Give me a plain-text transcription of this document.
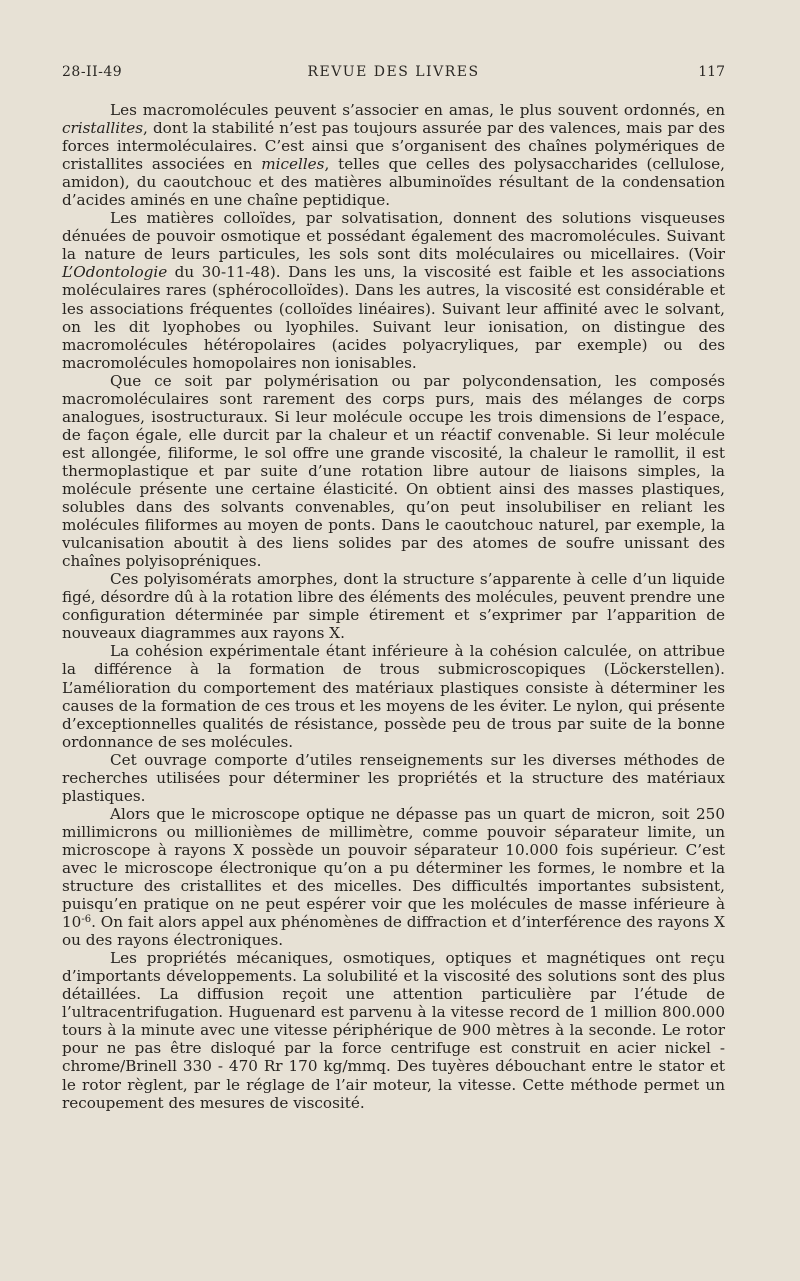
28-II-49	REVUE DES LIVRES	117

Les macromolécules peuvent s’associer en amas, le plus souvent ordonnés, en cristallites, dont la stabilité n’est pas toujours assurée par des valences, mais par des forces intermoléculaires. C’est ainsi que s’organisent des chaînes polymériques de cristallites associées en micelles, telles que celles des polysaccharides (cellulose, amidon), du caoutchouc et des matières albuminoïdes résultant de la condensation d’acides aminés en une chaîne peptidique.

Les matières colloïdes, par solvatisation, donnent des solutions visqueuses dénuées de pouvoir osmotique et possédant également des macromolécules. Suivant la nature de leurs particules, les sols sont dits moléculaires ou micellaires. (Voir L’Odontologie du 30-11-48). Dans les uns, la viscosité est faible et les associations moléculaires rares (sphérocolloïdes). Dans les autres, la viscosité est considérable et les associations fréquentes (colloïdes linéaires). Suivant leur affinité avec le solvant, on les dit lyophobes ou lyophiles. Suivant leur ionisation, on distingue des macromolécules hétéropolaires (acides polyacryliques, par exemple) ou des macromolécules homopolaires non ionisables.

Que ce soit par polymérisation ou par polycondensation, les composés macromoléculaires sont rarement des corps purs, mais des mélanges de corps analogues, isostructuraux. Si leur molécule occupe les trois dimensions de l’espace, de façon égale, elle durcit par la chaleur et un réactif convenable. Si leur molécule est allongée, filiforme, le sol offre une grande viscosité, la chaleur le ramollit, il est thermoplastique et par suite d’une rotation libre autour de liaisons simples, la molécule présente une certaine élasticité. On obtient ainsi des masses plastiques, solubles dans des solvants convenables, qu’on peut insolubiliser en reliant les molécules filiformes au moyen de ponts. Dans le caoutchouc naturel, par exemple, la vulcanisation aboutit à des liens solides par des atomes de soufre unissant des chaînes polyisopréniques.

Ces polyisomérats amorphes, dont la structure s’apparente à celle d’un liquide figé, désordre dû à la rotation libre des éléments des molécules, peuvent prendre une configuration déterminée par simple étirement et s’exprimer par l’apparition de nouveaux diagrammes aux rayons X.

La cohésion expérimentale étant inférieure à la cohésion calculée, on attribue la différence à la formation de trous submicroscopiques (Löckerstellen). L’amélioration du comportement des matériaux plastiques consiste à déterminer les causes de la formation de ces trous et les moyens de les éviter. Le nylon, qui présente d’exceptionnelles qualités de résistance, possède peu de trous par suite de la bonne ordonnance de ses molécules.

Cet ouvrage comporte d’utiles renseignements sur les diverses méthodes de recherches utilisées pour déterminer les propriétés et la structure des matériaux plastiques.

Alors que le microscope optique ne dépasse pas un quart de micron, soit 250 millimicrons ou millionièmes de millimètre, comme pouvoir séparateur limite, un microscope à rayons X possède un pouvoir séparateur 10.000 fois supérieur. C’est avec le microscope électronique qu’on a pu déterminer les formes, le nombre et la structure des cristallites et des micelles. Des difficultés importantes subsistent, puisqu’en pratique on ne peut espérer voir que les molécules de masse inférieure à $10^{-6}$. On fait alors appel aux phénomènes de diffraction et d’interférence des rayons X ou des rayons électroniques.

Les propriétés mécaniques, osmotiques, optiques et magnétiques ont reçu d’importants développements. La solubilité et la viscosité des solutions sont des plus détaillées. La diffusion reçoit une attention particulière par l’étude de l’ultracentrifugation. Huguenard est parvenu à la vitesse record de 1 million 800.000 tours à la minute avec une vitesse périphérique de 900 mètres à la seconde. Le rotor pour ne pas être disloqué par la force centrifuge est construit en acier nickel - chrome/Brinell 330 - 470 Rr 170 kg/mmq. Des tuyères débouchant entre le stator et le rotor règlent, par le réglage de l’air moteur, la vitesse. Cette méthode permet un recoupement des mesures de viscosité.
